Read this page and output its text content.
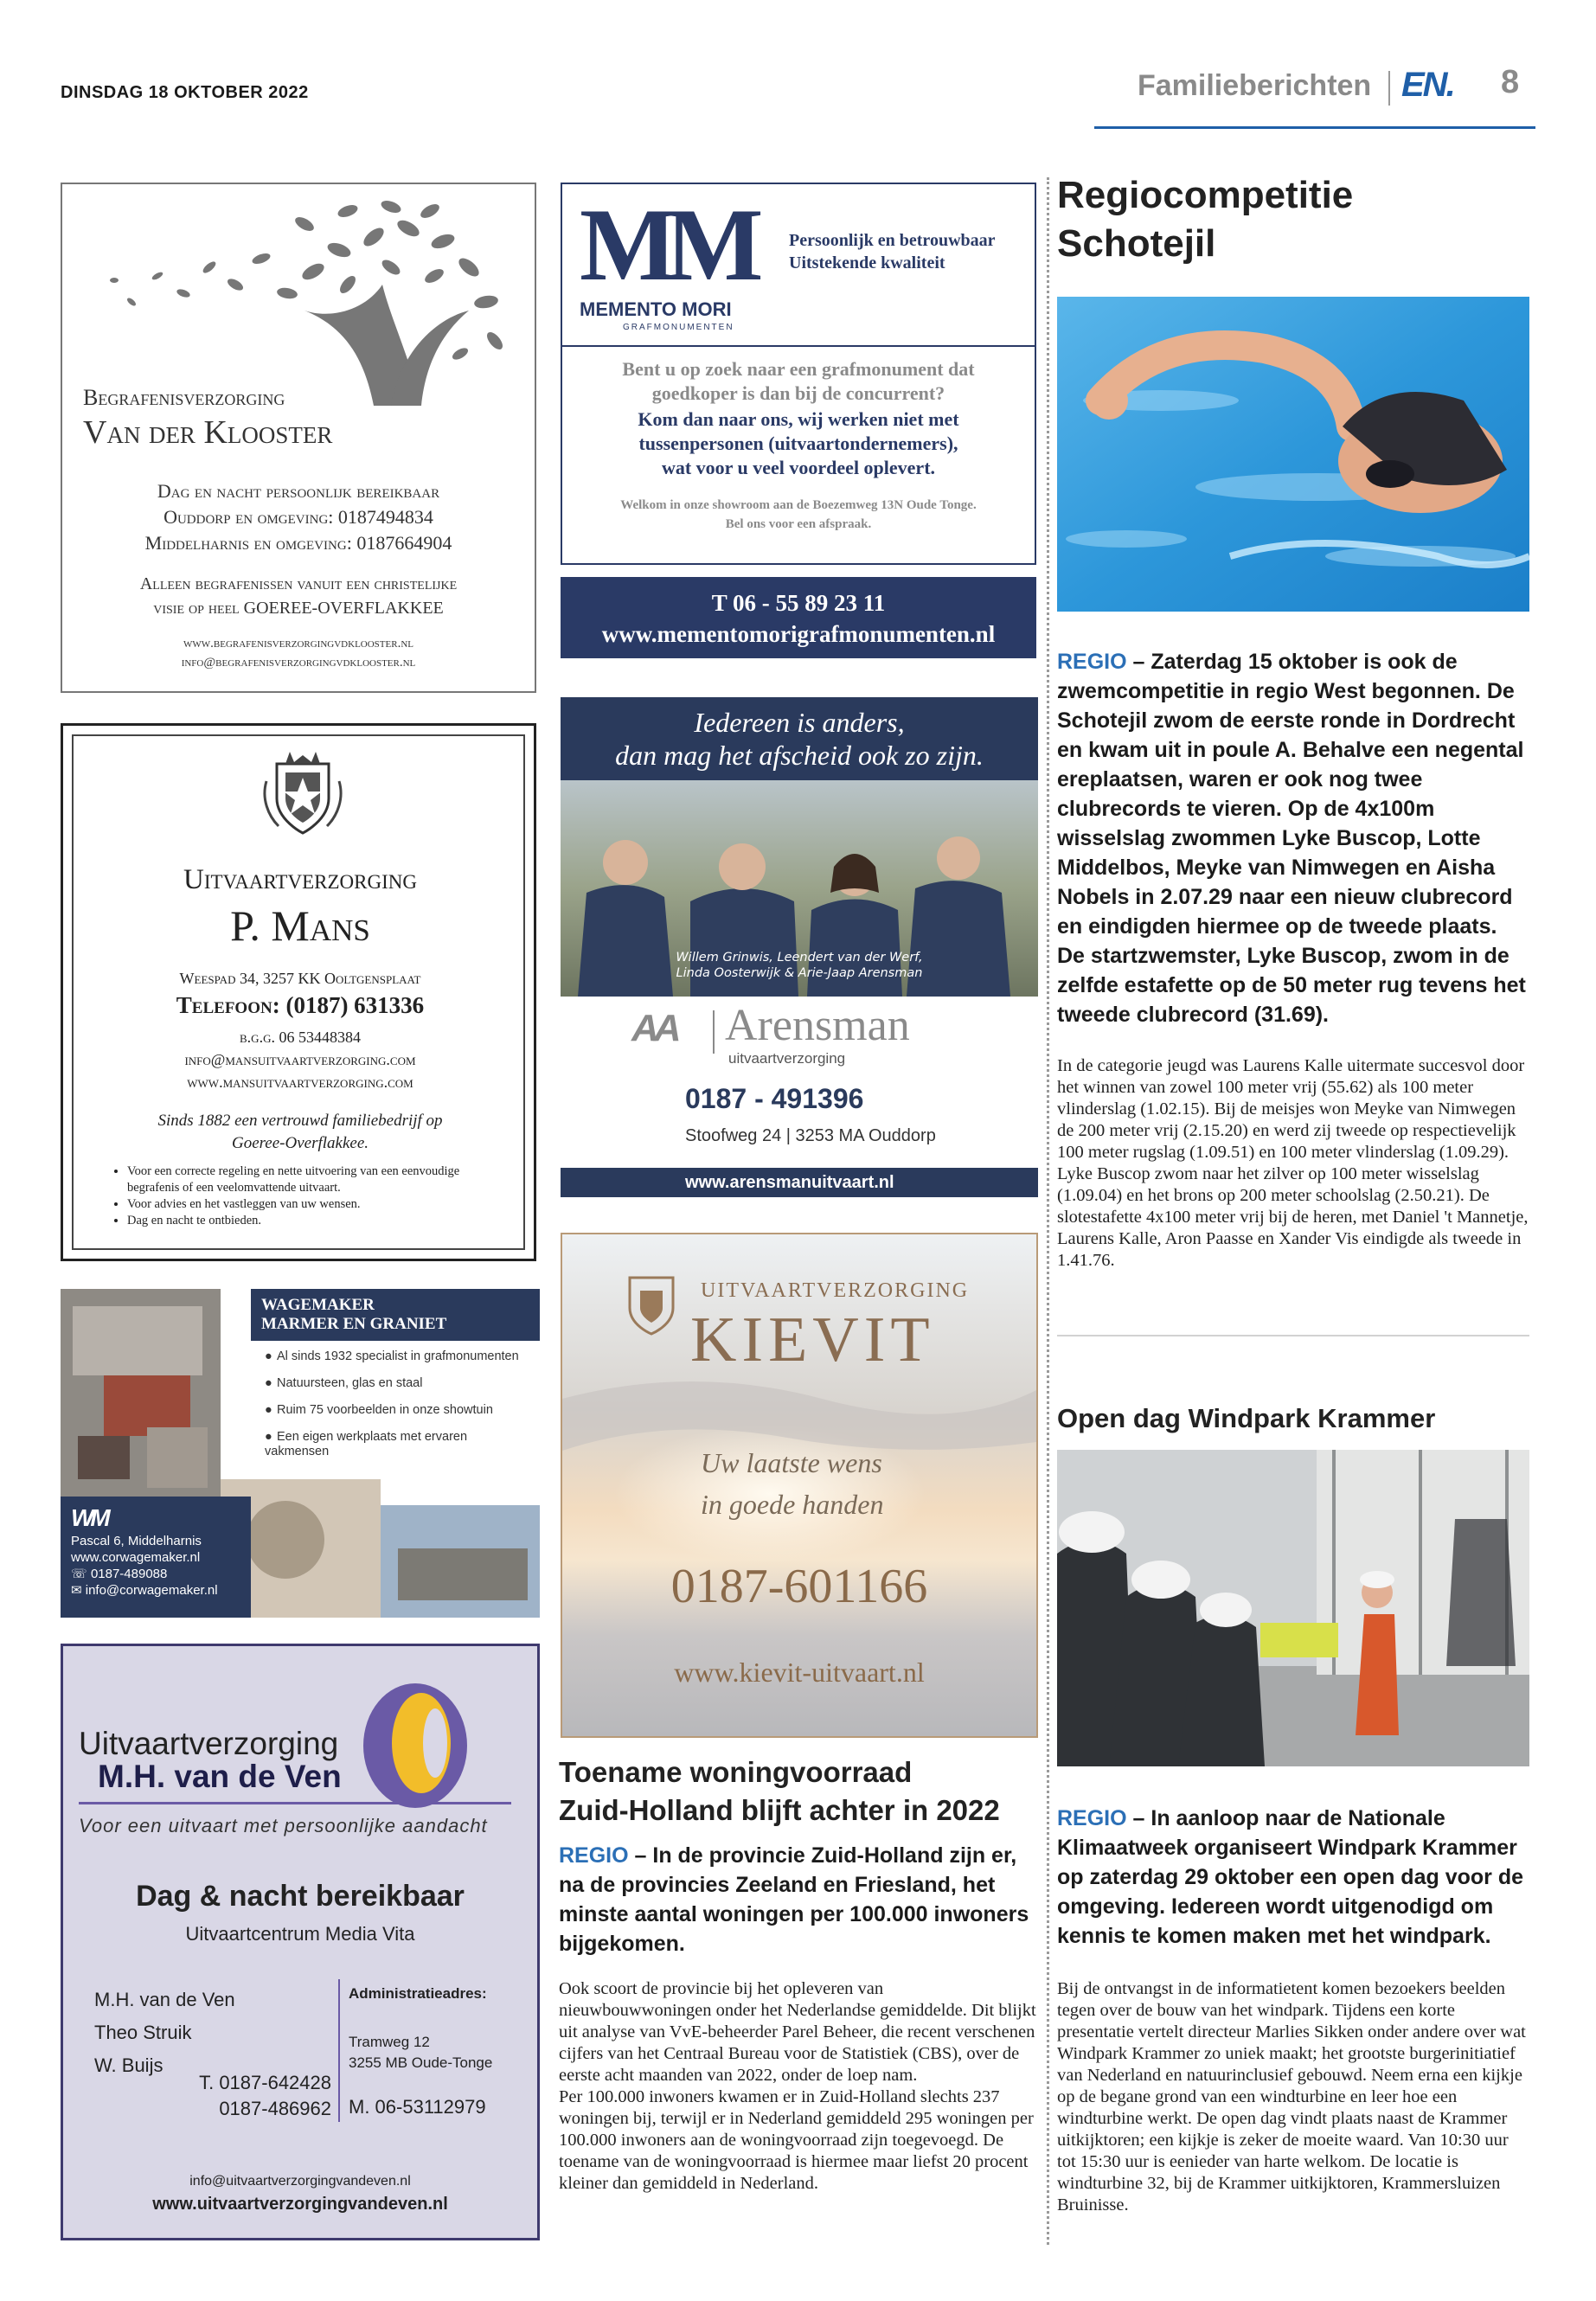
DINSDAG 18 OKTOBER 2022	Familieberichten EN. 8
Begrafenisverzorging
Van der Klooster
Dag en nacht persoonlijk bereikbaar
Ouddorp en omgeving: 0187494834
Middelharnis en omgeving: 0187664904
Alleen begrafenissen vanuit een christelijke
visie op heel GOEREE-OVERFLAKKEE
www.begrafenisverzorgingvdklooster.nl
info@begrafenisverzorgingvdklooster.nl
MM
MEMENTO MORI
GRAFMONUMENTEN
Persoonlijk en betrouwbaar
Uitstekende kwaliteit
Bent u op zoek naar een grafmonument dat
goedkoper is dan bij de concurrent?
Kom dan naar ons, wij werken niet met
tussenpersonen (uitvaartondernemers),
wat voor u veel voordeel oplevert.
Welkom in onze showroom aan de Boezemweg 13N Oude Tonge.
Bel ons voor een afspraak.
T 06 - 55 89 23 11
www.mementomorigrafmonumenten.nl
Uitvaartverzorging
P. Mans
Weespad 34, 3257 KK Ooltgensplaat
Telefoon: (0187) 631336
b.g.g. 06 53448384
info@mansuitvaartverzorging.com
www.mansuitvaartverzorging.com
Sinds 1882 een vertrouwd familiebedrijf op
Goeree-Overflakkee.
• Voor een correcte regeling en nette uitvoering van een eenvoudige begrafenis of een veelomvattende uitvaart.
• Voor advies en het vastleggen van uw wensen.
• Dag en nacht te ontbieden.
Iedereen is anders,
dan mag het afscheid ook zo zijn.
Willem Grinwis, Leendert van der Werf,
Linda Oosterwijk & Arie-Jaap Arensman
AA Arensman
uitvaartverzorging
0187 - 491396
Stoofweg 24 | 3253 MA Ouddorp
www.arensmanuitvaart.nl
WAGEMAKER
MARMER EN GRANIET
● Al sinds 1932 specialist in grafmonumenten
● Natuursteen, glas en staal
● Ruim 75 voorbeelden in onze showtuin
● Een eigen werkplaats met ervaren vakmensen
WM
Pascal 6, Middelharnis
www.corwagemaker.nl
☏ 0187-489088
✉ info@corwagemaker.nl
UITVAARTVERZORGING
KIEVIT
Uw laatste wens
in goede handen
0187-601166
www.kievit-uitvaart.nl
Uitvaartverzorging
M.H. van de Ven
Voor een uitvaart met persoonlijke aandacht
Dag & nacht bereikbaar
Uitvaartcentrum Media Vita
M.H. van de Ven
Theo Struik
W. Buijs
T. 0187-642428
0187-486962
Administratieadres:
Tramweg 12
3255 MB Oude-Tonge
M. 06-53112979
info@uitvaartverzorgingvandeven.nl
www.uitvaartverzorgingvandeven.nl
Regiocompetitie
Schotejil
REGIO – Zaterdag 15 oktober is ook de zwemcompetitie in regio West begonnen. De Schotejil zwom de eerste ronde in Dordrecht en kwam uit in poule A. Behalve een negental ereplaatsen, waren er ook nog twee clubrecords te vieren. Op de 4x100m wisselslag zwommen Lyke Buscop, Lotte Middelbos, Meyke van Nimwegen en Aisha Nobels in 2.07.29 naar een nieuw clubrecord en eindigden hiermee op de tweede plaats. De startzwemster, Lyke Buscop, zwom in de zelfde estafette op de 50 meter rug tevens het tweede clubrecord (31.69).
In de categorie jeugd was Laurens Kalle uitermate succesvol door het winnen van zowel 100 meter vrij (55.62) als 100 meter vlinderslag (1.02.15). Bij de meisjes won Meyke van Nimwegen de 200 meter vrij (2.15.20) en werd zij tweede op respectievelijk 100 meter rugslag (1.09.51) en 100 meter vlinderslag (1.09.29). Lyke Buscop zwom naar het zilver op 100 meter wisselslag (1.09.04) en het brons op 200 meter schoolslag (2.50.21). De slotestafette 4x100 meter vrij bij de heren, met Daniel 't Mannetje, Laurens Kalle, Aron Paasse en Xander Vis eindigde als tweede in 1.41.76.
Open dag Windpark Krammer
REGIO – In aanloop naar de Nationale Klimaatweek organiseert Windpark Krammer op zaterdag 29 oktober een open dag voor de omgeving. Iedereen wordt uitgenodigd om kennis te komen maken met het windpark.
Bij de ontvangst in de informatietent komen bezoekers beelden tegen over de bouw van het windpark. Tijdens een korte presentatie vertelt directeur Marlies Sikken onder andere over wat Windpark Krammer zo uniek maakt; het grootste burgerinitiatief van Nederland en natuurinclusief gebouwd. Neem erna een kijkje op de begane grond van een windturbine en leer hoe een windturbine werkt. De open dag vindt plaats naast de Krammer uitkijktoren; een kijkje is zeker de moeite waard. Van 10:30 uur tot 15:30 uur is eenieder van harte welkom. De locatie is windturbine 32, bij de Krammer uitkijktoren, Krammersluizen Bruinisse.
Toename woningvoorraad
Zuid-Holland blijft achter in 2022
REGIO – In de provincie Zuid-Holland zijn er, na de provincies Zeeland en Friesland, het minste aantal woningen per 100.000 inwoners bijgekomen.
Ook scoort de provincie bij het opleveren van nieuwbouwwoningen onder het Nederlandse gemiddelde. Dit blijkt uit analyse van VvE-beheerder Parel Beheer, die recent verschenen cijfers van het Centraal Bureau voor de Statistiek (CBS), over de eerste acht maanden van 2022, onder de loep nam.
Per 100.000 inwoners kwamen er in Zuid-Holland slechts 237 woningen bij, terwijl er in Nederland gemiddeld 295 woningen per 100.000 inwoners aan de woningvoorraad zijn toegevoegd. De toename van de woningvoorraad is hiermee maar liefst 20 procent kleiner dan gemiddeld in Nederland.
